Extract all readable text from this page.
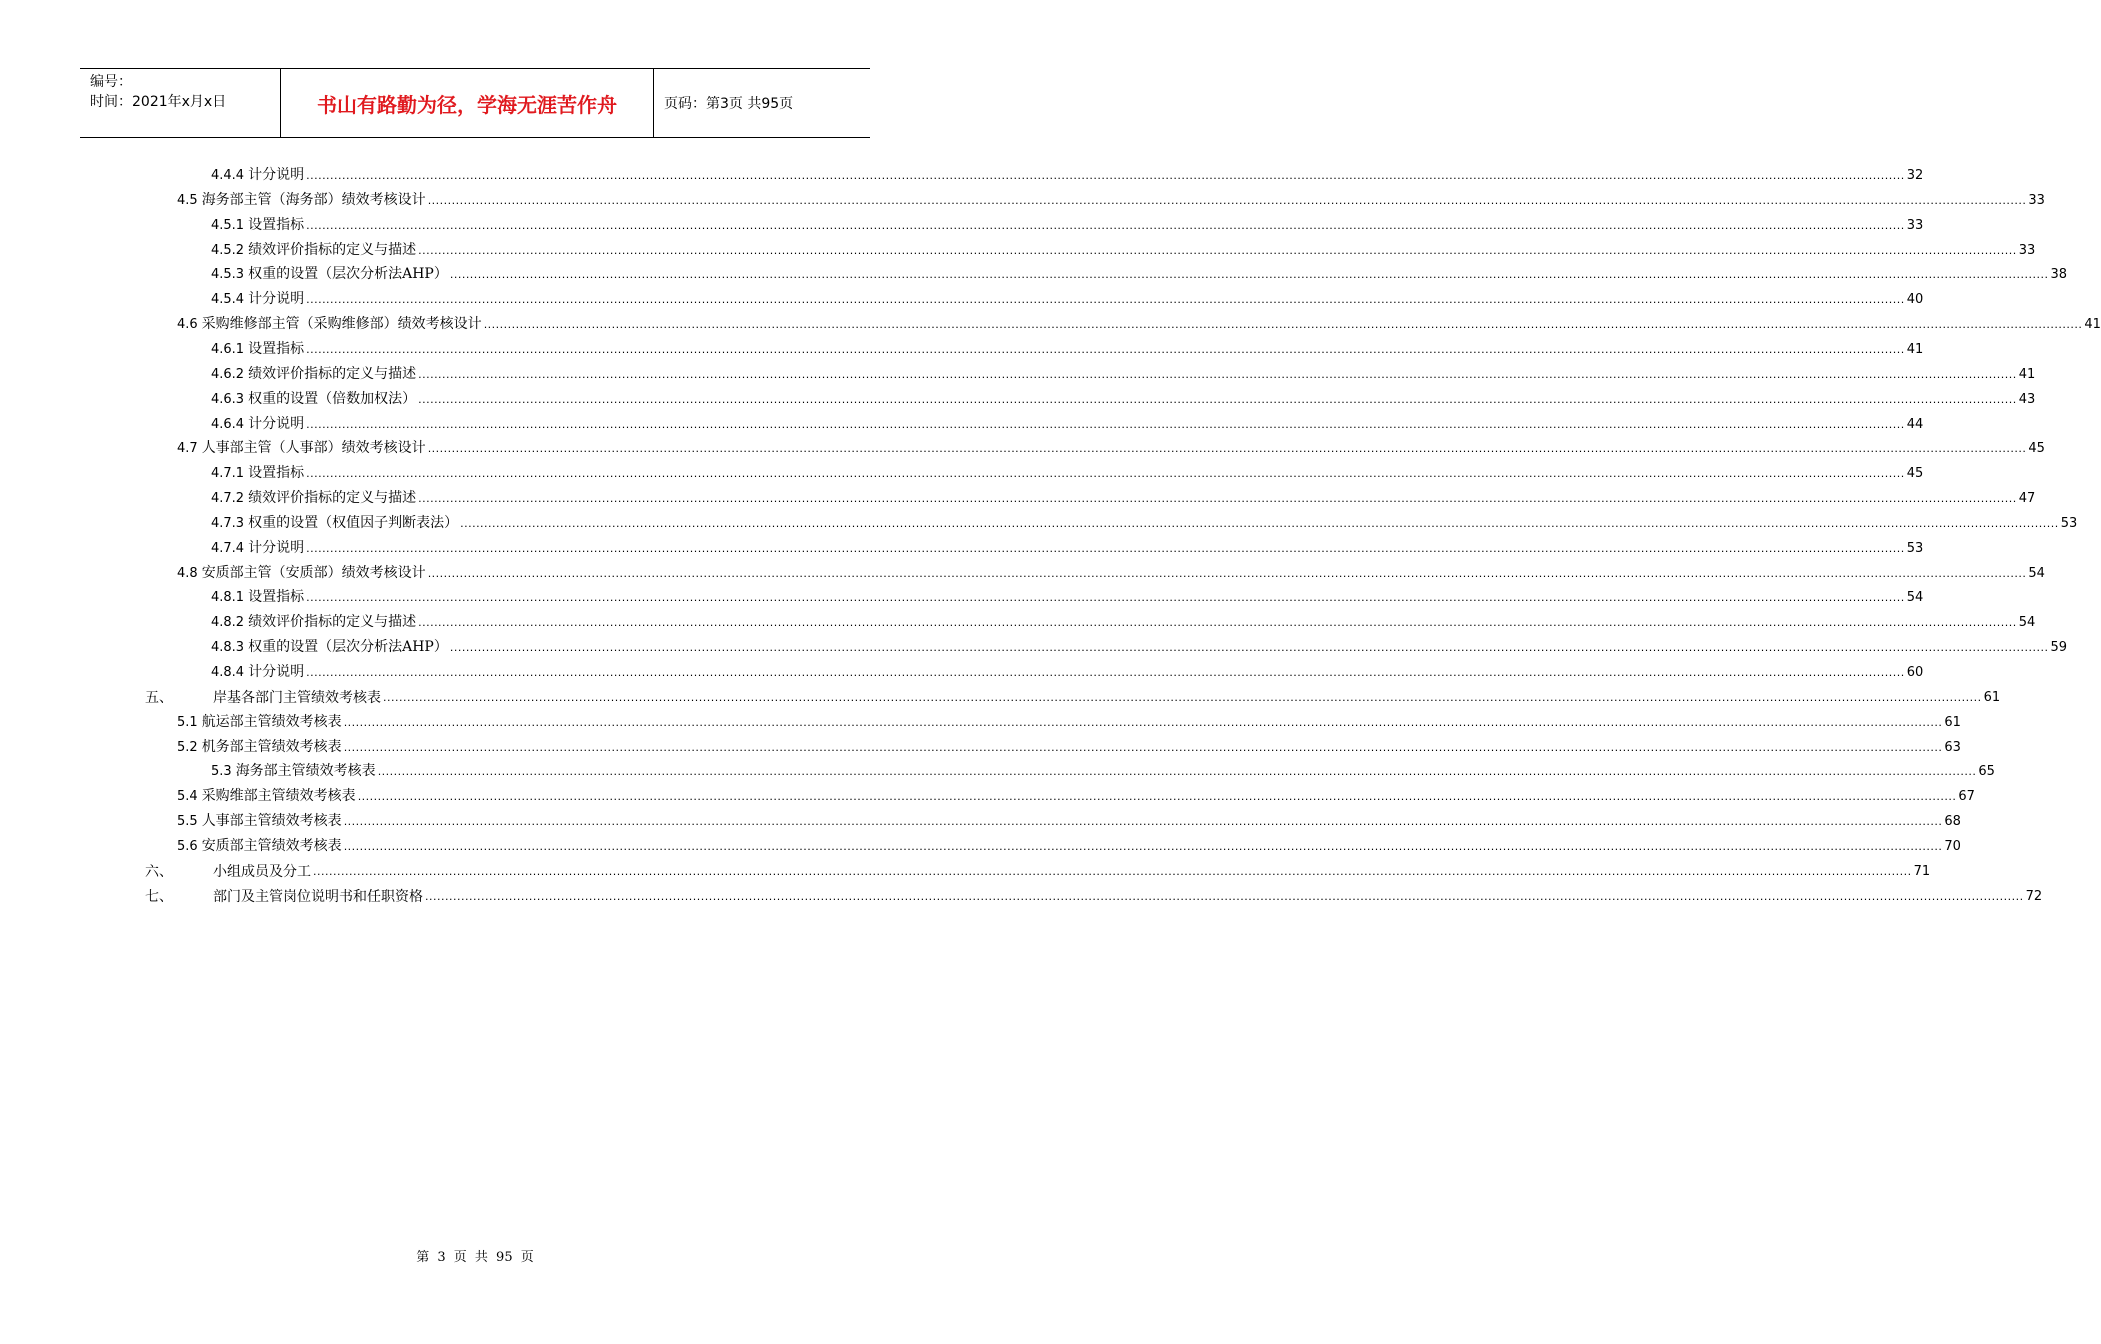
编号：
时间：2021年x月x日	书山有路勤为径，学海无涯苦作舟	页码：第3页 共95页
4.4.4 计分说明 ................................................................................................................................................................................................................................................................................................................................................................................................................ 32
4.5 海务部主管（海务部）绩效考核设计 ................................................................................................................................................................................................................................................................................................................................................................................................................ 33
4.5.1 设置指标 ................................................................................................................................................................................................................................................................................................................................................................................................................ 33
4.5.2 绩效评价指标的定义与描述 ................................................................................................................................................................................................................................................................................................................................................................................................................ 33
4.5.3 权重的设置（层次分析法AHP） ................................................................................................................................................................................................................................................................................................................................................................................................................ 38
4.5.4 计分说明 ................................................................................................................................................................................................................................................................................................................................................................................................................ 40
4.6 采购维修部主管（采购维修部）绩效考核设计 ................................................................................................................................................................................................................................................................................................................................................................................................................ 41
4.6.1 设置指标 ................................................................................................................................................................................................................................................................................................................................................................................................................ 41
4.6.2 绩效评价指标的定义与描述 ................................................................................................................................................................................................................................................................................................................................................................................................................ 41
4.6.3 权重的设置（倍数加权法） ................................................................................................................................................................................................................................................................................................................................................................................................................ 43
4.6.4 计分说明 ................................................................................................................................................................................................................................................................................................................................................................................................................ 44
4.7 人事部主管（人事部）绩效考核设计 ................................................................................................................................................................................................................................................................................................................................................................................................................ 45
4.7.1 设置指标 ................................................................................................................................................................................................................................................................................................................................................................................................................ 45
4.7.2 绩效评价指标的定义与描述 ................................................................................................................................................................................................................................................................................................................................................................................................................ 47
4.7.3 权重的设置（权值因子判断表法） ................................................................................................................................................................................................................................................................................................................................................................................................................ 53
4.7.4 计分说明 ................................................................................................................................................................................................................................................................................................................................................................................................................ 53
4.8 安质部主管（安质部）绩效考核设计 ................................................................................................................................................................................................................................................................................................................................................................................................................ 54
4.8.1 设置指标 ................................................................................................................................................................................................................................................................................................................................................................................................................ 54
4.8.2 绩效评价指标的定义与描述 ................................................................................................................................................................................................................................................................................................................................................................................................................ 54
4.8.3 权重的设置（层次分析法AHP） ................................................................................................................................................................................................................................................................................................................................................................................................................ 59
4.8.4 计分说明 ................................................................................................................................................................................................................................................................................................................................................................................................................ 60
五、	岸基各部门主管绩效考核表 ................................................................................................................................................................................................................................................................................................................................................................................................................ 61
5.1 航运部主管绩效考核表 ................................................................................................................................................................................................................................................................................................................................................................................................................ 61
5.2 机务部主管绩效考核表 ................................................................................................................................................................................................................................................................................................................................................................................................................ 63
5.3 海务部主管绩效考核表 ................................................................................................................................................................................................................................................................................................................................................................................................................ 65
5.4 采购维部主管绩效考核表 ................................................................................................................................................................................................................................................................................................................................................................................................................ 67
5.5 人事部主管绩效考核表 ................................................................................................................................................................................................................................................................................................................................................................................................................ 68
5.6 安质部主管绩效考核表 ................................................................................................................................................................................................................................................................................................................................................................................................................ 70
六、	小组成员及分工 ................................................................................................................................................................................................................................................................................................................................................................................................................ 71
七、	部门及主管岗位说明书和任职资格 ................................................................................................................................................................................................................................................................................................................................................................................................................ 72
第 3 页 共 95 页
